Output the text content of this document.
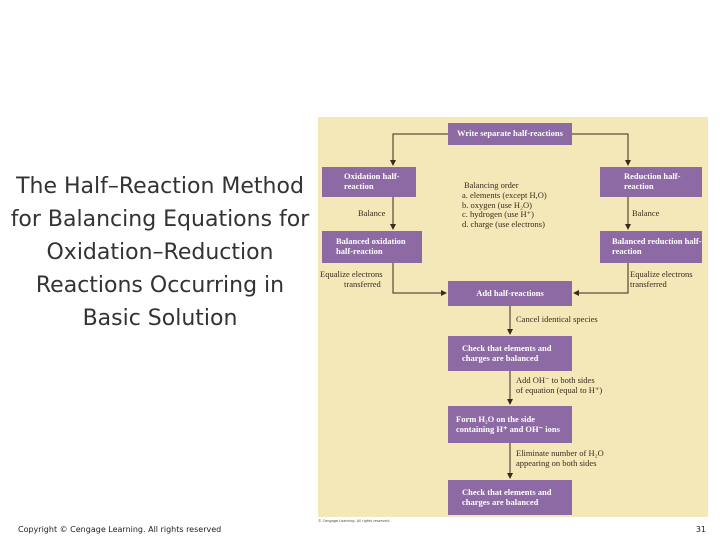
The Half–Reaction Method for Balancing Equations for Oxidation–Reduction Reactions Occurring in Basic Solution
Write separate half-reactions
Oxidation half-reaction
Reduction half-reaction
Balanced oxidation half-reaction
Balanced reduction half-reaction
Add half-reactions
Check that elements and charges are balanced
Form H₂O on the side containing H⁺ and OH⁻ ions
Check that elements and charges are balanced
Balancing order
a. elements (except H,O)
b. oxygen (use H₂O)
c. hydrogen (use H⁺)
d. charge (use electrons)
Balance	Balance
Equalize electrons
transferred
Equalize electrons
transferred
Cancel identical species
Add OH⁻ to both sides
of equation (equal to H⁺)
Eliminate number of H₂O
appearing on both sides
© Cengage Learning. All rights reserved.
Copyright © Cengage Learning. All rights reserved	31
